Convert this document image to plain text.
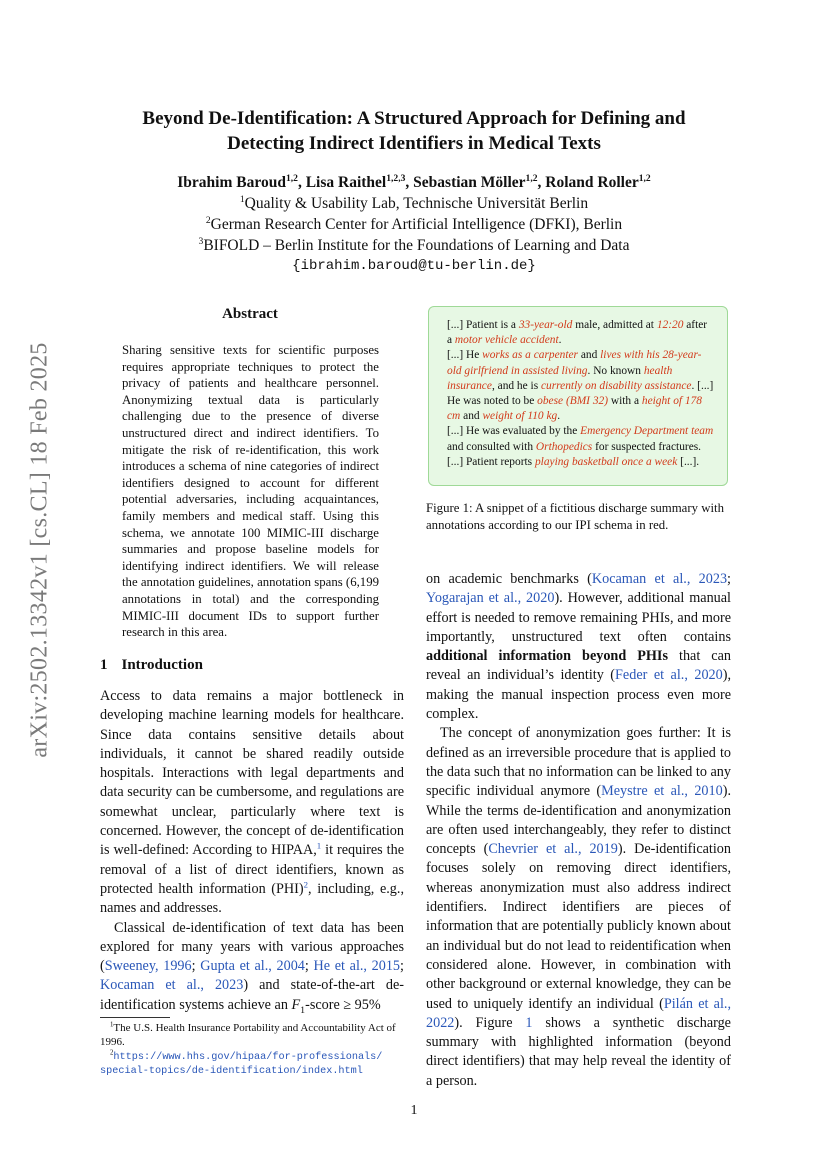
arXiv:2502.13342v1 [cs.CL] 18 Feb 2025
Beyond De-Identification: A Structured Approach for Defining and
Detecting Indirect Identifiers in Medical Texts
Ibrahim Baroud$^{1,2}$, Lisa Raithel$^{1,2,3}$, Sebastian Möller$^{1,2}$, Roland Roller$^{1,2}$
$^1$Quality & Usability Lab, Technische Universität Berlin
$^2$German Research Center for Artificial Intelligence (DFKI), Berlin
$^3$BIFOLD – Berlin Institute for the Foundations of Learning and Data
{ibrahim.baroud@tu-berlin.de}
Abstract
Sharing sensitive texts for scientific purposes requires appropriate techniques to protect the privacy of patients and healthcare personnel. Anonymizing textual data is particularly challenging due to the presence of diverse unstructured direct and indirect identifiers. To mitigate the risk of re-identification, this work introduces a schema of nine categories of indirect identifiers designed to account for different potential adversaries, including acquaintances, family members and medical staff. Using this schema, we annotate 100 MIMIC-III discharge summaries and propose baseline models for identifying indirect identifiers. We will release the annotation guidelines, annotation spans (6,199 annotations in total) and the corresponding MIMIC-III document IDs to support further research in this area.
1 Introduction

Access to data remains a major bottleneck in developing machine learning models for healthcare. Since data contains sensitive details about individuals, it cannot be shared readily outside hospitals. Interactions with legal departments and data security can be cumbersome, and regulations are somewhat unclear, particularly where text is concerned. However, the concept of de-identification is well-defined: According to HIPAA,$^1$ it requires the removal of a list of direct identifiers, known as protected health information (PHI)$^2$, including, e.g., names and addresses.

Classical de-identification of text data has been explored for many years with various approaches (Sweeney, 1996; Gupta et al., 2004; He et al., 2015; Kocaman et al., 2023) and state-of-the-art de-identification systems achieve an $F_1$-score ≥ 95%

$^1$The U.S. Health Insurance Portability and Accountability Act of 1996.
$^2$https://www.hhs.gov/hipaa/for-professionals/
special-topics/de-identification/index.html
[...] Patient is a 33-year-old male, admitted at 12:20 after a motor vehicle accident.
[...] He works as a carpenter and lives with his 28-year-old girlfriend in assisted living. No known health insurance, and he is currently on disability assistance. [...] He was noted to be obese (BMI 32) with a height of 178 cm and weight of 110 kg.
[...] He was evaluated by the Emergency Department team and consulted with Orthopedics for suspected fractures. [...] Patient reports playing basketball once a week [...].
Figure 1: A snippet of a fictitious discharge summary with annotations according to our IPI schema in red.

on academic benchmarks (Kocaman et al., 2023; Yogarajan et al., 2020). However, additional manual effort is needed to remove remaining PHIs, and more importantly, unstructured text often contains additional information beyond PHIs that can reveal an individual’s identity (Feder et al., 2020), making the manual inspection process even more complex.

The concept of anonymization goes further: It is defined as an irreversible procedure that is applied to the data such that no information can be linked to any specific individual anymore (Meystre et al., 2010). While the terms de-identification and anonymization are often used interchangeably, they refer to distinct concepts (Chevrier et al., 2019). De-identification focuses solely on removing direct identifiers, whereas anonymization must also address indirect identifiers. Indirect identifiers are pieces of information that are potentially publicly known about an individual but do not lead to reidentification when considered alone. However, in combination with other background or external knowledge, they can be used to uniquely identify an individual (Pilán et al., 2022). Figure 1 shows a synthetic discharge summary with highlighted information (beyond direct identifiers) that may help reveal the identity of a person.

1
